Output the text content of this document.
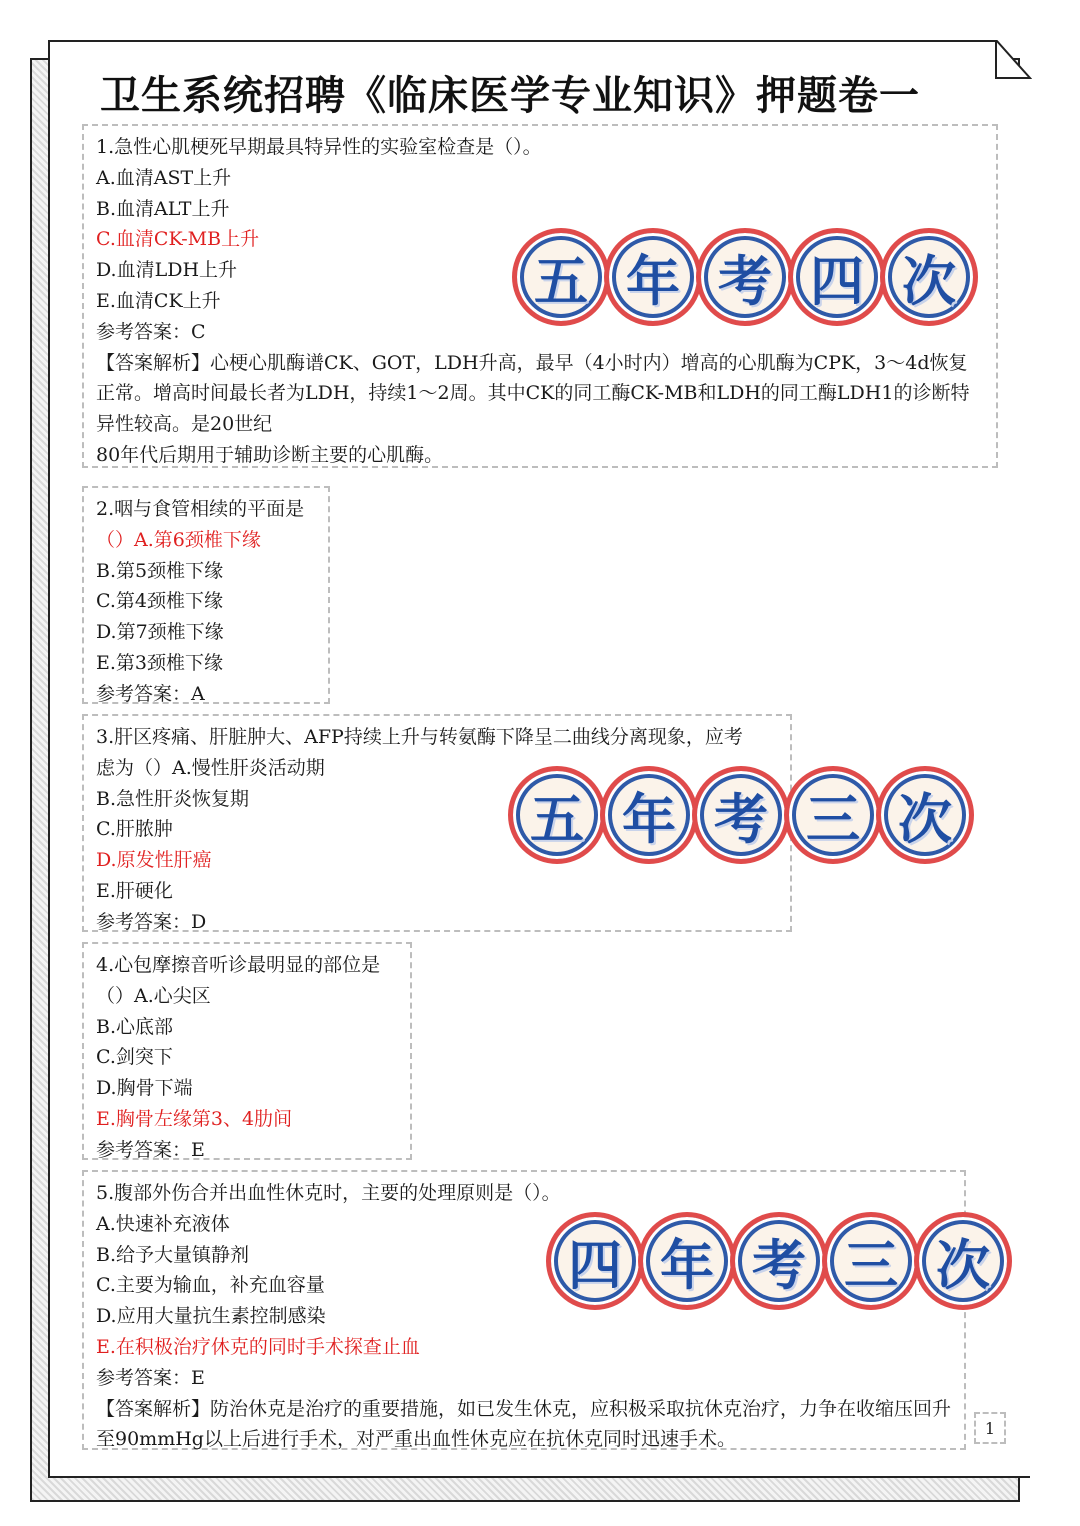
卫生系统招聘《临床医学专业知识》押题卷一
1.急性心肌梗死早期最具特异性的实验室检查是（）。
A.血清AST上升
B.血清ALT上升
C.血清CK-MB上升
D.血清LDH上升
E.血清CK上升
参考答案：C
【答案解析】心梗心肌酶谱CK、GOT，LDH升高，最早（4小时内）增高的心肌酶为CPK，3～4d恢复正常。增高时间最长者为LDH，持续1～2周。其中CK的同工酶CK-MB和LDH的同工酶LDH1的诊断特异性较高。是20世纪
80年代后期用于辅助诊断主要的心肌酶。
五 年 考 四 次
2.咽与食管相续的平面是
（）A.第6颈椎下缘
B.第5颈椎下缘
C.第4颈椎下缘
D.第7颈椎下缘
E.第3颈椎下缘
参考答案：A
3.肝区疼痛、肝脏肿大、AFP持续上升与转氨酶下降呈二曲线分离现象，应考
虑为（）A.慢性肝炎活动期
B.急性肝炎恢复期
C.肝脓肿
D.原发性肝癌
E.肝硬化
参考答案：D
五 年 考 三 次
4.心包摩擦音听诊最明显的部位是
（）A.心尖区
B.心底部
C.剑突下
D.胸骨下端
E.胸骨左缘第3、4肋间
参考答案：E
5.腹部外伤合并出血性休克时，主要的处理原则是（）。
A.快速补充液体
B.给予大量镇静剂
C.主要为输血，补充血容量
D.应用大量抗生素控制感染
E.在积极治疗休克的同时手术探查止血
参考答案：E
【答案解析】防治休克是治疗的重要措施，如已发生休克，应积极采取抗休克治疗，力争在收缩压回升至90mmHg以上后进行手术，对严重出血性休克应在抗休克同时迅速手术。
四 年 考 三 次
1
